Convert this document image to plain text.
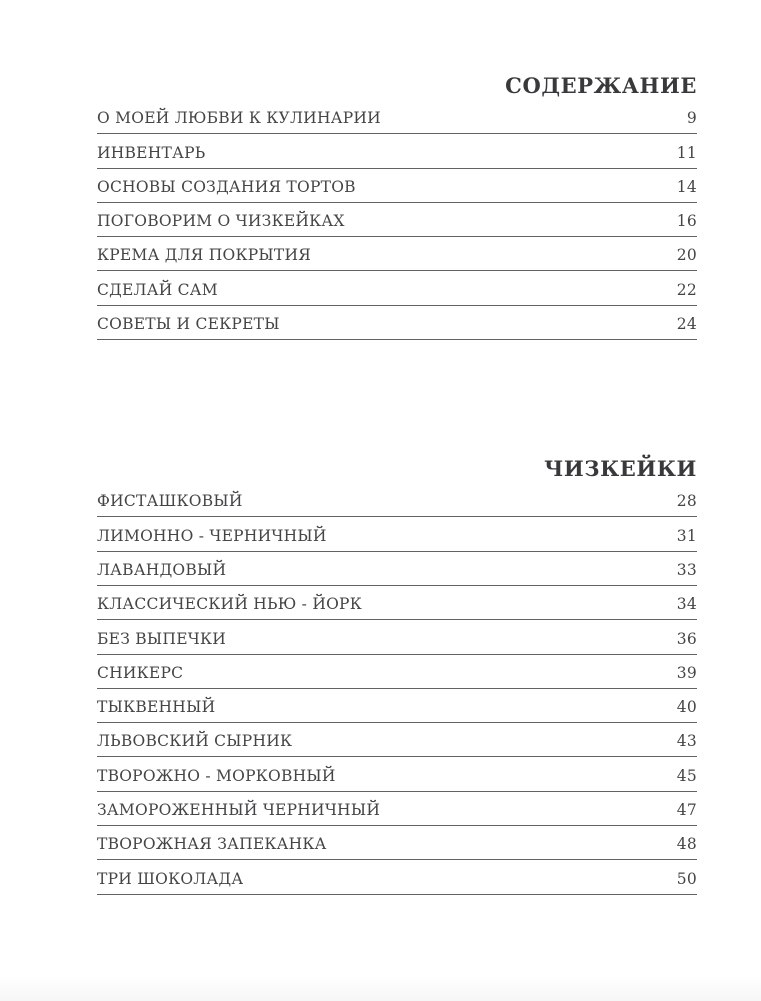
СОДЕРЖАНИЕ
О МОЕЙ ЛЮБВИ К КУЛИНАРИИ	9
ИНВЕНТАРЬ	11
ОСНОВЫ СОЗДАНИЯ ТОРТОВ	14
ПОГОВОРИМ О ЧИЗКЕЙКАХ	16
КРЕМА ДЛЯ ПОКРЫТИЯ	20
СДЕЛАЙ САМ	22
СОВЕТЫ И СЕКРЕТЫ	24
ЧИЗКЕЙКИ
ФИСТАШКОВЫЙ	28
ЛИМОННО - ЧЕРНИЧНЫЙ	31
ЛАВАНДОВЫЙ	33
КЛАССИЧЕСКИЙ НЬЮ - ЙОРК	34
БЕЗ ВЫПЕЧКИ	36
СНИКЕРС	39
ТЫКВЕННЫЙ	40
ЛЬВОВСКИЙ СЫРНИК	43
ТВОРОЖНО - МОРКОВНЫЙ	45
ЗАМОРОЖЕННЫЙ ЧЕРНИЧНЫЙ	47
ТВОРОЖНАЯ ЗАПЕКАНКА	48
ТРИ ШОКОЛАДА	50
